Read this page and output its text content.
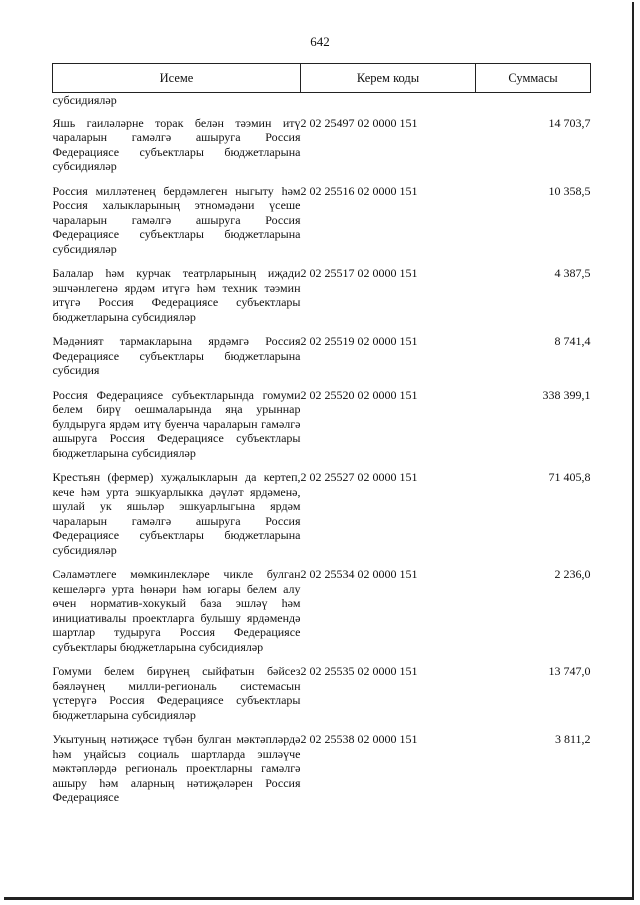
642
Исеме	Керем коды	Суммасы
субсидияләр		
Яшь гаиләләрне торак белән тәэмин итү чараларын гамәлгә ашыруга Россия Федерациясе субъектлары бюджетларына субсидияләр	2 02 25497 02 0000 151	14 703,7
Россия милләтенең бердәмлеген ныгыту һәм Россия халыкларының этномәдәни үсеше чараларын гамәлгә ашыруга Россия Федерациясе субъектлары бюджетларына субсидияләр	2 02 25516 02 0000 151	10 358,5
Балалар һәм курчак театрларының иҗади эшчәнлегенә ярдәм итүгә һәм техник тәэмин итүгә Россия Федерациясе субъектлары бюджетларына субсидияләр	2 02 25517 02 0000 151	4 387,5
Мәдәният тармакларына ярдәмгә Россия Федерациясе субъектлары бюджетларына субсидия	2 02 25519 02 0000 151	8 741,4
Россия Федерациясе субъектларында гомуми белем бирү оешмаларында яңа урыннар булдыруга ярдәм итү буенча чараларын гамәлгә ашыруга Россия Федерациясе субъектлары бюджетларына субсидияләр	2 02 25520 02 0000 151	338 399,1
Крестьян (фермер) хуҗалыкларын да кертеп, кече һәм урта эшкуарлыкка дәүләт ярдәменә, шулай ук яшьләр эшкуарлыгына ярдәм чараларын гамәлгә ашыруга Россия Федерациясе субъектлары бюджетларына субсидияләр	2 02 25527 02 0000 151	71 405,8
Сәламәтлеге мөмкинлекләре чикле булган кешеләргә урта һөнәри һәм югары белем алу өчен норматив-хокукый база эшләү һәм инициативалы проектларга булышу ярдәмендә шартлар тудыруга Россия Федерациясе субъектлары бюджетларына субсидияләр	2 02 25534 02 0000 151	2 236,0
Гомуми белем бирүнең сыйфатын бәйсез бәяләүнең милли-региональ системасын үстерүгә Россия Федерациясе субъектлары бюджетларына субсидияләр	2 02 25535 02 0000 151	13 747,0
Укытуның нәтиҗәсе түбән булган мәктәпләрдә һәм уңайсыз социаль шартларда эшләүче мәктәпләрдә региональ проектларны гамәлгә ашыру һәм аларның нәтиҗәләрен Россия Федерациясе	2 02 25538 02 0000 151	3 811,2
